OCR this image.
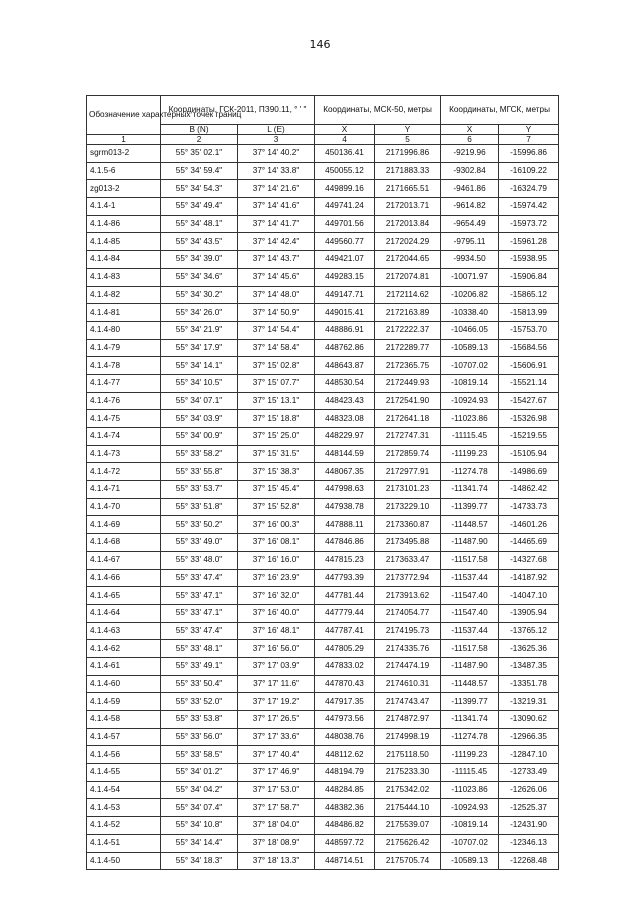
146
Обозначение характерных точек границ	Координаты, ГСК-2011, ПЗ90.11, ° ' "		Координаты, МСК-50, метры		Координаты, МГСК, метры	
	B (N)	L (E)	X	Y	X	Y
1	2	3	4	5	6	7
sgrm013-2	55° 35' 02.1"	37° 14' 40.2"	450136.41	2171996.86	-9219.96	-15996.86
4.1.5-6	55° 34' 59.4"	37° 14' 33.8"	450055.12	2171883.33	-9302.84	-16109.22
zg013-2	55° 34' 54.3"	37° 14' 21.6"	449899.16	2171665.51	-9461.86	-16324.79
4.1.4-1	55° 34' 49.4"	37° 14' 41.6"	449741.24	2172013.71	-9614.82	-15974.42
4.1.4-86	55° 34' 48.1"	37° 14' 41.7"	449701.56	2172013.84	-9654.49	-15973.72
4.1.4-85	55° 34' 43.5"	37° 14' 42.4"	449560.77	2172024.29	-9795.11	-15961.28
4.1.4-84	55° 34' 39.0"	37° 14' 43.7"	449421.07	2172044.65	-9934.50	-15938.95
4.1.4-83	55° 34' 34.6"	37° 14' 45.6"	449283.15	2172074.81	-10071.97	-15906.84
4.1.4-82	55° 34' 30.2"	37° 14' 48.0"	449147.71	2172114.62	-10206.82	-15865.12
4.1.4-81	55° 34' 26.0"	37° 14' 50.9"	449015.41	2172163.89	-10338.40	-15813.99
4.1.4-80	55° 34' 21.9"	37° 14' 54.4"	448886.91	2172222.37	-10466.05	-15753.70
4.1.4-79	55° 34' 17.9"	37° 14' 58.4"	448762.86	2172289.77	-10589.13	-15684.56
4.1.4-78	55° 34' 14.1"	37° 15' 02.8"	448643.87	2172365.75	-10707.02	-15606.91
4.1.4-77	55° 34' 10.5"	37° 15' 07.7"	448530.54	2172449.93	-10819.14	-15521.14
4.1.4-76	55° 34' 07.1"	37° 15' 13.1"	448423.43	2172541.90	-10924.93	-15427.67
4.1.4-75	55° 34' 03.9"	37° 15' 18.8"	448323.08	2172641.18	-11023.86	-15326.98
4.1.4-74	55° 34' 00.9"	37° 15' 25.0"	448229.97	2172747.31	-11115.45	-15219.55
4.1.4-73	55° 33' 58.2"	37° 15' 31.5"	448144.59	2172859.74	-11199.23	-15105.94
4.1.4-72	55° 33' 55.8"	37° 15' 38.3"	448067.35	2172977.91	-11274.78	-14986.69
4.1.4-71	55° 33' 53.7"	37° 15' 45.4"	447998.63	2173101.23	-11341.74	-14862.42
4.1.4-70	55° 33' 51.8"	37° 15' 52.8"	447938.78	2173229.10	-11399.77	-14733.73
4.1.4-69	55° 33' 50.2"	37° 16' 00.3"	447888.11	2173360.87	-11448.57	-14601.26
4.1.4-68	55° 33' 49.0"	37° 16' 08.1"	447846.86	2173495.88	-11487.90	-14465.69
4.1.4-67	55° 33' 48.0"	37° 16' 16.0"	447815.23	2173633.47	-11517.58	-14327.68
4.1.4-66	55° 33' 47.4"	37° 16' 23.9"	447793.39	2173772.94	-11537.44	-14187.92
4.1.4-65	55° 33' 47.1"	37° 16' 32.0"	447781.44	2173913.62	-11547.40	-14047.10
4.1.4-64	55° 33' 47.1"	37° 16' 40.0"	447779.44	2174054.77	-11547.40	-13905.94
4.1.4-63	55° 33' 47.4"	37° 16' 48.1"	447787.41	2174195.73	-11537.44	-13765.12
4.1.4-62	55° 33' 48.1"	37° 16' 56.0"	447805.29	2174335.76	-11517.58	-13625.36
4.1.4-61	55° 33' 49.1"	37° 17' 03.9"	447833.02	2174474.19	-11487.90	-13487.35
4.1.4-60	55° 33' 50.4"	37° 17' 11.6"	447870.43	2174610.31	-11448.57	-13351.78
4.1.4-59	55° 33' 52.0"	37° 17' 19.2"	447917.35	2174743.47	-11399.77	-13219.31
4.1.4-58	55° 33' 53.8"	37° 17' 26.5"	447973.56	2174872.97	-11341.74	-13090.62
4.1.4-57	55° 33' 56.0"	37° 17' 33.6"	448038.76	2174998.19	-11274.78	-12966.35
4.1.4-56	55° 33' 58.5"	37° 17' 40.4"	448112.62	2175118.50	-11199.23	-12847.10
4.1.4-55	55° 34' 01.2"	37° 17' 46.9"	448194.79	2175233.30	-11115.45	-12733.49
4.1.4-54	55° 34' 04.2"	37° 17' 53.0"	448284.85	2175342.02	-11023.86	-12626.06
4.1.4-53	55° 34' 07.4"	37° 17' 58.7"	448382.36	2175444.10	-10924.93	-12525.37
4.1.4-52	55° 34' 10.8"	37° 18' 04.0"	448486.82	2175539.07	-10819.14	-12431.90
4.1.4-51	55° 34' 14.4"	37° 18' 08.9"	448597.72	2175626.42	-10707.02	-12346.13
4.1.4-50	55° 34' 18.3"	37° 18' 13.3"	448714.51	2175705.74	-10589.13	-12268.48
